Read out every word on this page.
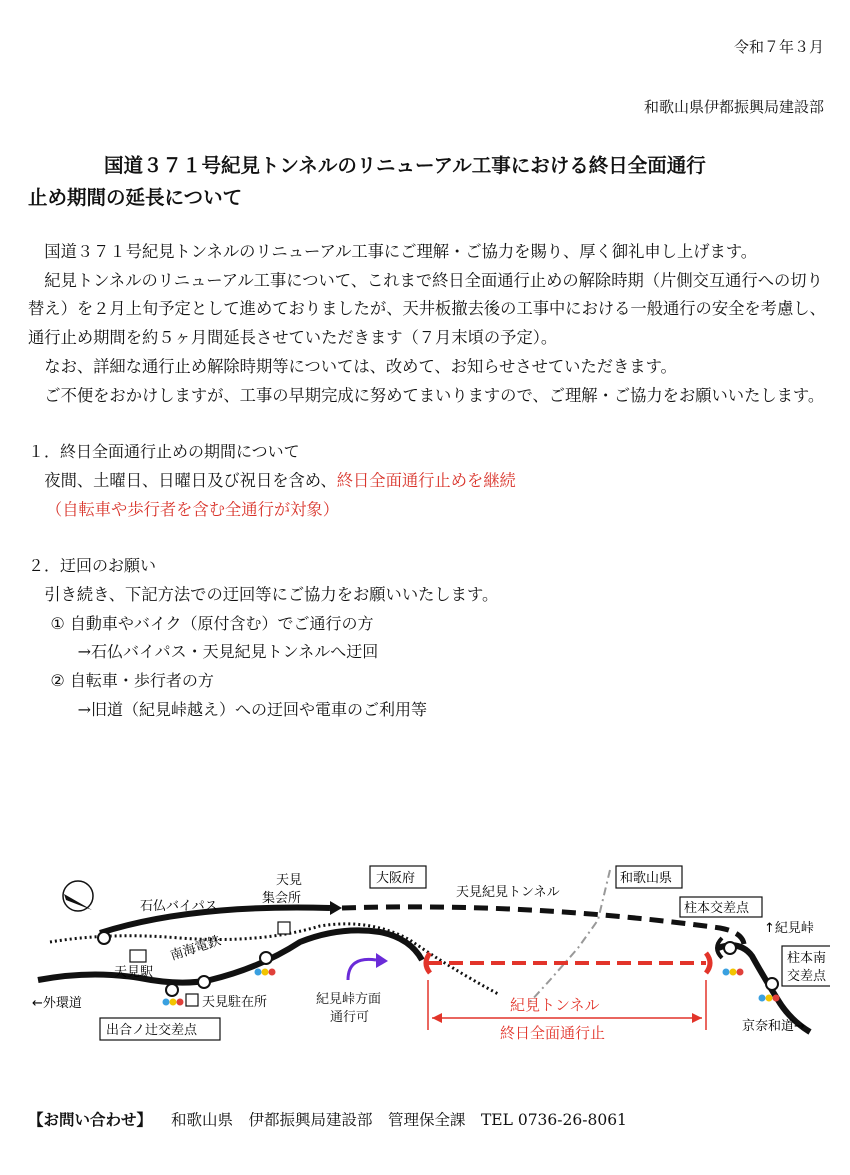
令和７年３月
和歌山県伊都振興局建設部
国道３７１号紀見トンネルのリニューアル工事における終日全面通行
止め期間の延長について

国道３７１号紀見トンネルのリニューアル工事にご理解・ご協力を賜り、厚く御礼申し上げます。

紀見トンネルのリニューアル工事について、これまで終日全面通行止めの解除時期（片側交互通行への切り替え）を２月上旬予定として進めておりましたが、天井板撤去後の工事中における一般通行の安全を考慮し、通行止め期間を約５ヶ月間延長させていただきます（７月末頃の予定）。

なお、詳細な通行止め解除時期等については、改めて、お知らせさせていただきます。

ご不便をおかけしますが、工事の早期完成に努めてまいりますので、ご理解・ご協力をお願いいたします。

１．終日全面通行止めの期間について

夜間、土曜日、日曜日及び祝日を含め、終日全面通行止めを継続

（自転車や歩行者を含む全通行が対象）

２．迂回のお願い

引き続き、下記方法での迂回等にご協力をお願いいたします。

① 自動車やバイク（原付含む）でご通行の方

→石仏バイパス・天見紀見トンネルへ迂回

② 自転車・歩行者の方

→旧道（紀見峠越え）への迂回や電車のご利用等

天見
集会所
大阪府	和歌山県
天見紀見トンネル
柱本交差点
↑紀見峠
柱本南
交差点
石仏バイパス
南海電鉄
天見駅
←外環道	天見駐在所
出合ノ辻交差点
紀見峠方面
通行可
紀見トンネル
終日全面通行止	京奈和道→
【お問い合わせ】 和歌山県　伊都振興局建設部　管理保全課　TEL 0736-26-8061
